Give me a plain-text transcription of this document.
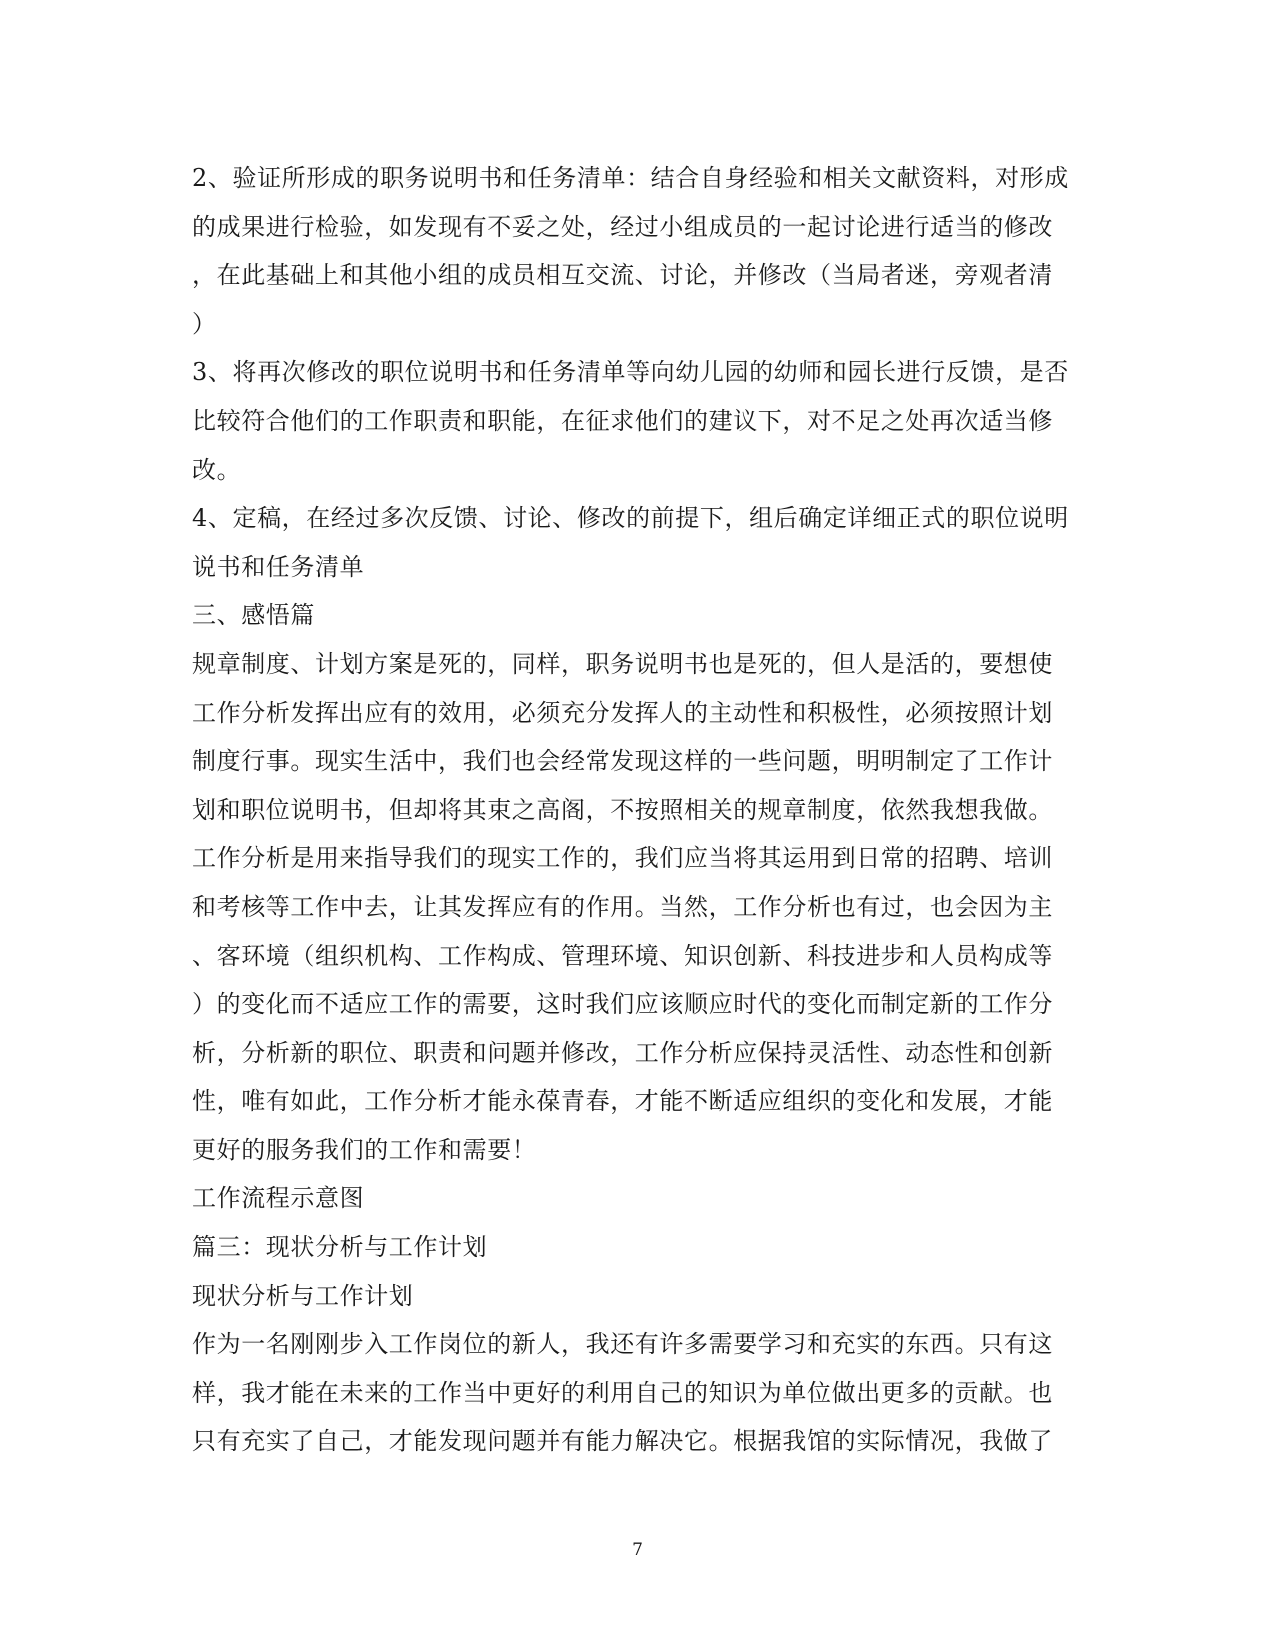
2、验证所形成的职务说明书和任务清单：结合自身经验和相关文献资料，对形成
的成果进行检验，如发现有不妥之处，经过小组成员的一起讨论进行适当的修改
，在此基础上和其他小组的成员相互交流、讨论，并修改（当局者迷，旁观者清
）
3、将再次修改的职位说明书和任务清单等向幼儿园的幼师和园长进行反馈，是否
比较符合他们的工作职责和职能，在征求他们的建议下，对不足之处再次适当修
改。
4、定稿，在经过多次反馈、讨论、修改的前提下，组后确定详细正式的职位说明
说书和任务清单
三、感悟篇
规章制度、计划方案是死的，同样，职务说明书也是死的，但人是活的，要想使
工作分析发挥出应有的效用，必须充分发挥人的主动性和积极性，必须按照计划
制度行事。现实生活中，我们也会经常发现这样的一些问题，明明制定了工作计
划和职位说明书，但却将其束之高阁，不按照相关的规章制度，依然我想我做。
工作分析是用来指导我们的现实工作的，我们应当将其运用到日常的招聘、培训
和考核等工作中去，让其发挥应有的作用。当然，工作分析也有过，也会因为主
、客环境（组织机构、工作构成、管理环境、知识创新、科技进步和人员构成等
）的变化而不适应工作的需要，这时我们应该顺应时代的变化而制定新的工作分
析，分析新的职位、职责和问题并修改，工作分析应保持灵活性、动态性和创新
性，唯有如此，工作分析才能永葆青春，才能不断适应组织的变化和发展，才能
更好的服务我们的工作和需要！
工作流程示意图
篇三：现状分析与工作计划
现状分析与工作计划
作为一名刚刚步入工作岗位的新人，我还有许多需要学习和充实的东西。只有这
样，我才能在未来的工作当中更好的利用自己的知识为单位做出更多的贡献。也
只有充实了自己，才能发现问题并有能力解决它。根据我馆的实际情况，我做了
7
